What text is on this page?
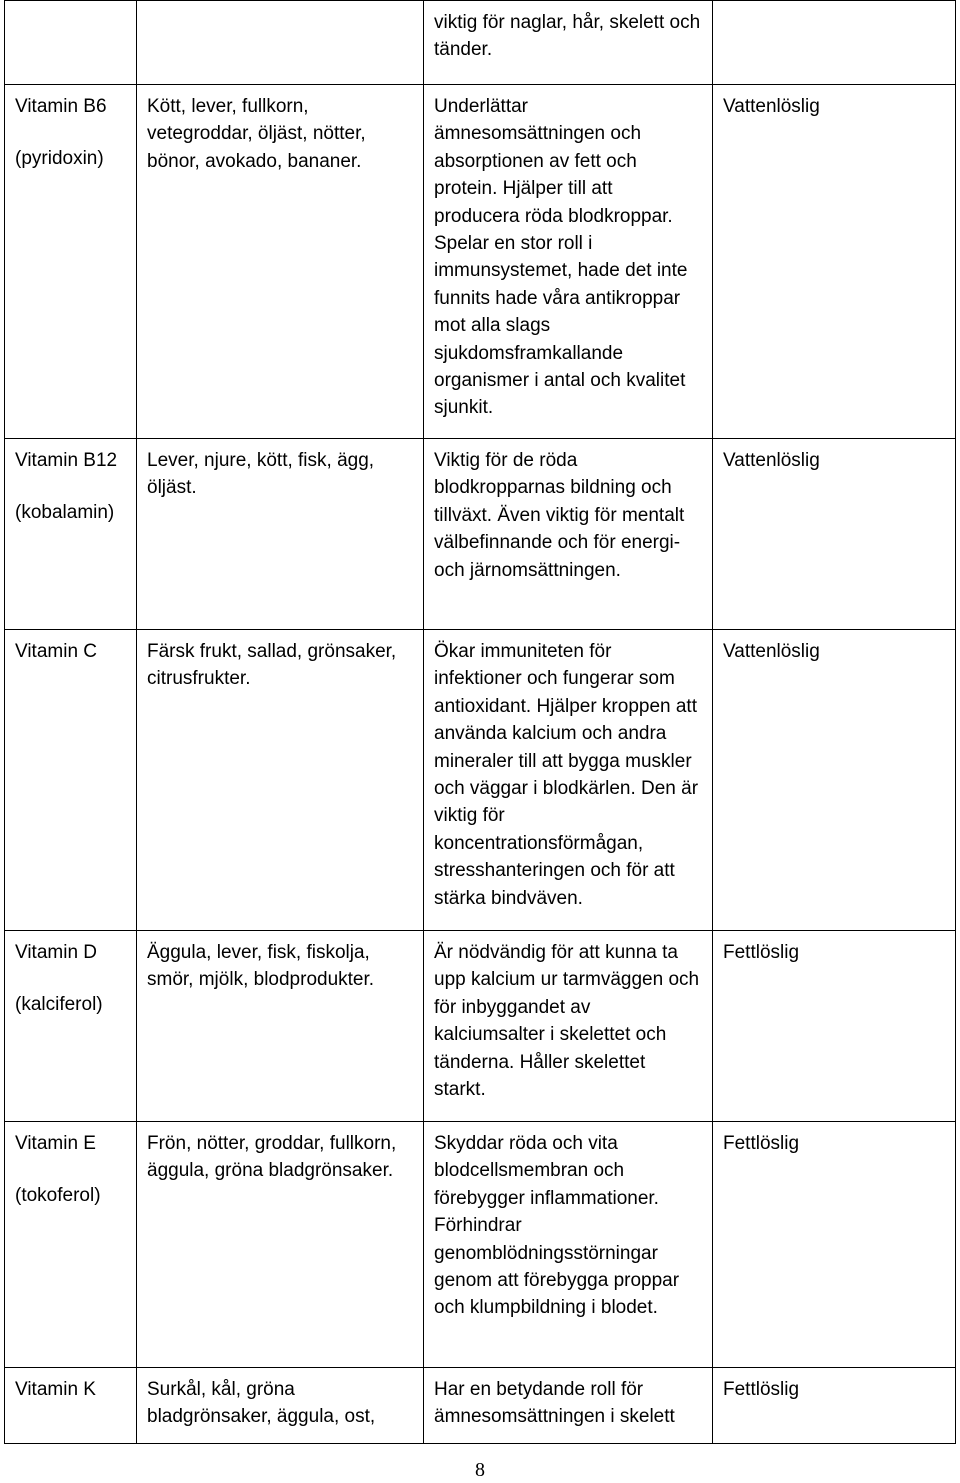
		viktig för naglar, hår, skelett och tänder.	

Vitamin B6
(pyridoxin)	Kött, lever, fullkorn, vetegroddar, öljäst, nötter, bönor, avokado, bananer.	Underlättar ämnesomsättningen och absorptionen av fett och protein. Hjälper till att producera röda blodkroppar. Spelar en stor roll i immunsystemet, hade det inte funnits hade våra antikroppar mot alla slags sjukdomsframkallande organismer i antal och kvalitet sjunkit.	Vattenlöslig

Vitamin B12
(kobalamin)	Lever, njure, kött, fisk, ägg, öljäst.	Viktig för de röda blodkropparnas bildning och tillväxt. Även viktig för mentalt välbefinnande och för energi- och järnomsättningen.	Vattenlöslig

Vitamin C	Färsk frukt, sallad, grönsaker, citrusfrukter.	Ökar immuniteten för infektioner och fungerar som antioxidant. Hjälper kroppen att använda kalcium och andra mineraler till att bygga muskler och väggar i blodkärlen. Den är viktig för koncentrationsförmågan, stresshanteringen och för att stärka bindväven.	Vattenlöslig

Vitamin D
(kalciferol)	Äggula, lever, fisk, fiskolja, smör, mjölk, blodprodukter.	Är nödvändig för att kunna ta upp kalcium ur tarmväggen och för inbyggandet av kalciumsalter i skelettet och tänderna. Håller skelettet starkt.	Fettlöslig

Vitamin E
(tokoferol)	Frön, nötter, groddar, fullkorn, äggula, gröna bladgrönsaker.	Skyddar röda och vita blodcellsmembran och förebygger inflammationer. Förhindrar genomblödningsstörningar genom att förebygga proppar och klumpbildning i blodet.	Fettlöslig

Vitamin K	Surkål, kål, gröna bladgrönsaker, äggula, ost,	Har en betydande roll för ämnesomsättningen i skelett	Fettlöslig
8
